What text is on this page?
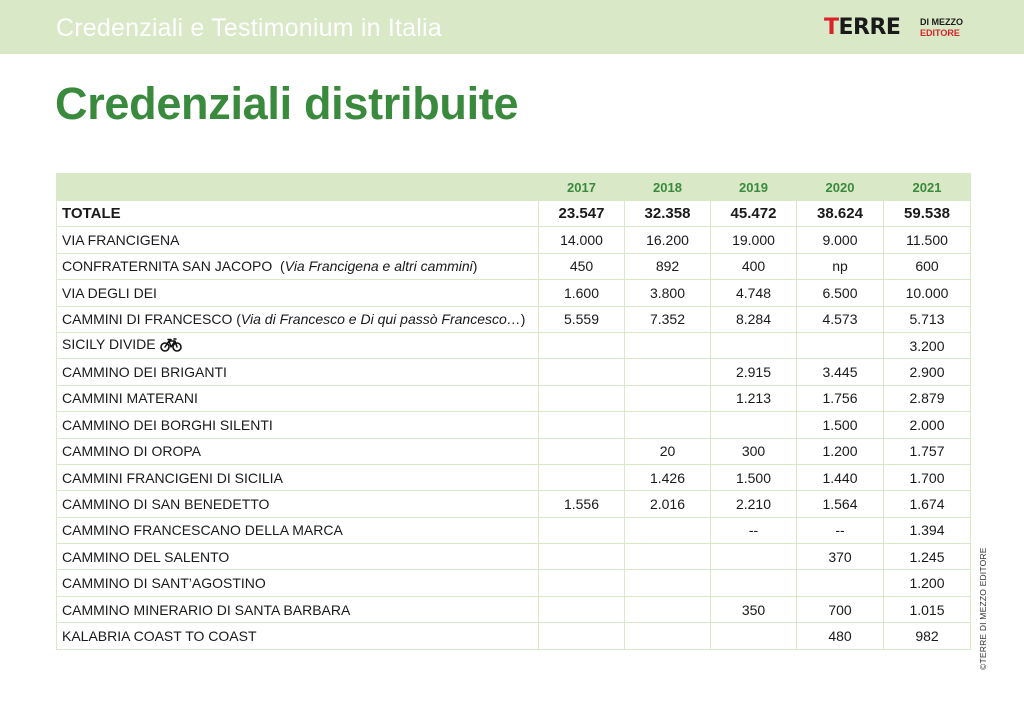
Credenziali e Testimonium in Italia	TERRE DI MEZZO
EDITORE
Credenziali distribuite
	2017	2018	2019	2020	2021
TOTALE	23.547	32.358	45.472	38.624	59.538
VIA FRANCIGENA	14.000	16.200	19.000	9.000	11.500
CONFRATERNITA SAN JACOPO  (Via Francigena e altri cammini)	450	892	400	np	600
VIA DEGLI DEI	1.600	3.800	4.748	6.500	10.000
CAMMINI DI FRANCESCO (Via di Francesco e Di qui passò Francesco…)	5.559	7.352	8.284	4.573	5.713
SICILY DIVIDE					3.200
CAMMINO DEI BRIGANTI			2.915	3.445	2.900
CAMMINI MATERANI			1.213	1.756	2.879
CAMMINO DEI BORGHI SILENTI				1.500	2.000
CAMMINO DI OROPA		20	300	1.200	1.757
CAMMINI FRANCIGENI DI SICILIA		1.426	1.500	1.440	1.700
CAMMINO DI SAN BENEDETTO	1.556	2.016	2.210	1.564	1.674
CAMMINO FRANCESCANO DELLA MARCA			--	--	1.394
CAMMINO DEL SALENTO				370	1.245
CAMMINO DI SANT’AGOSTINO					1.200
CAMMINO MINERARIO DI SANTA BARBARA			350	700	1.015
KALABRIA COAST TO COAST				480	982	©TERRE DI MEZZO EDITORE
